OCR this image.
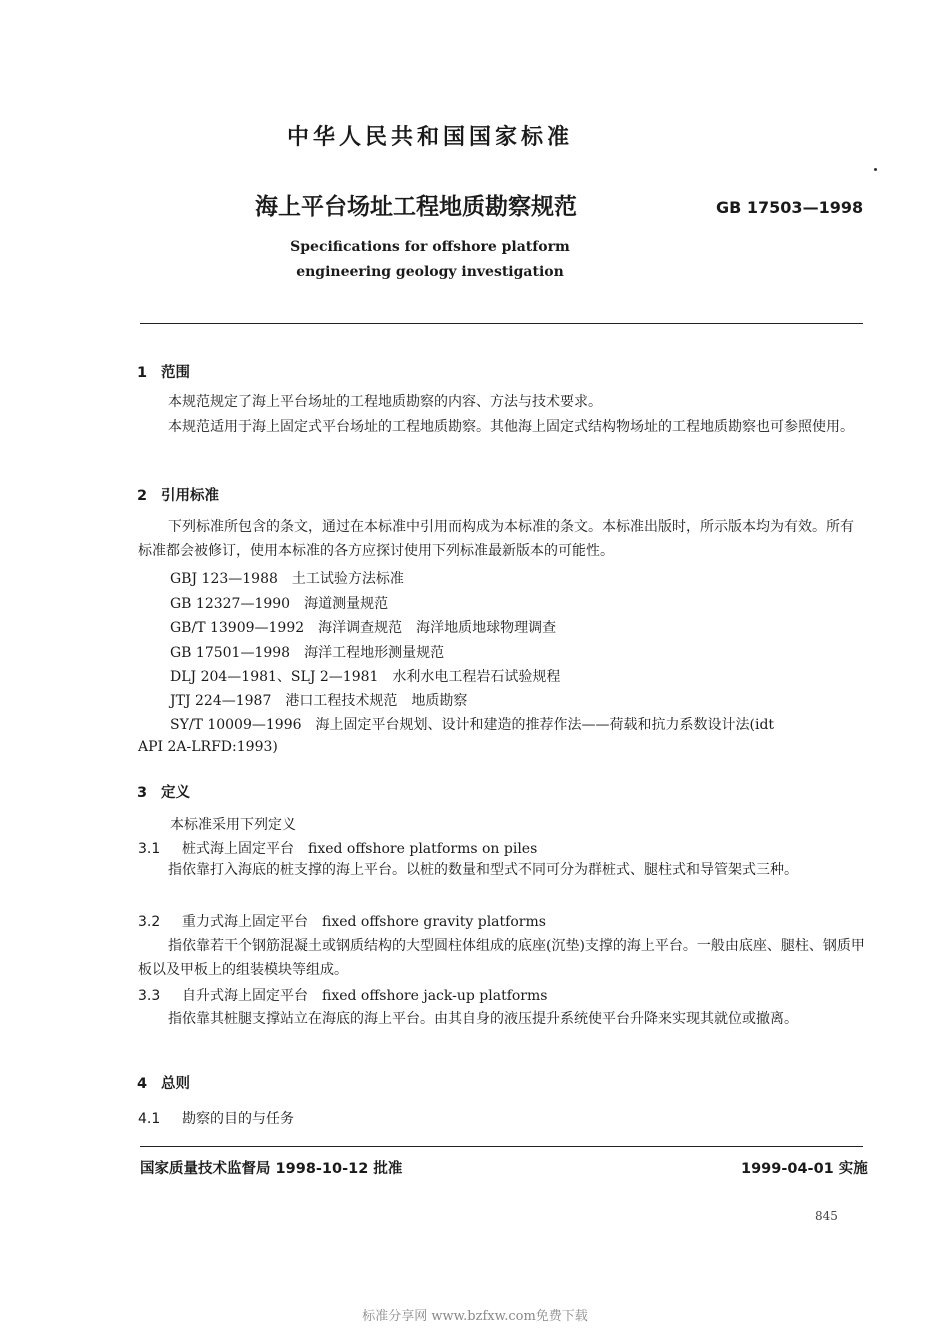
中华人民共和国国家标准
海上平台场址工程地质勘察规范	GB 17503—1998
Specifications for offshore platform
engineering geology investigation
1 范围
本规范规定了海上平台场址的工程地质勘察的内容、方法与技术要求。
本规范适用于海上固定式平台场址的工程地质勘察。其他海上固定式结构物场址的工程地质勘察也可参照使用。
2 引用标准
下列标准所包含的条文，通过在本标准中引用而构成为本标准的条文。本标准出版时，所示版本均为有效。所有标准都会被修订，使用本标准的各方应探讨使用下列标准最新版本的可能性。
GBJ 123—1988 土工试验方法标准
GB 12327—1990 海道测量规范
GB/T 13909—1992 海洋调查规范　海洋地质地球物理调查
GB 17501—1998 海洋工程地形测量规范
DLJ 204—1981、SLJ 2—1981 水利水电工程岩石试验规程
JTJ 224—1987 港口工程技术规范　地质勘察
SY/T 10009—1996　海上固定平台规划、设计和建造的推荐作法——荷载和抗力系数设计法(idt
API 2A-LRFD:1993)
3 定义
本标准采用下列定义
3.1 桩式海上固定平台 fixed offshore platforms on piles
指依靠打入海底的桩支撑的海上平台。以桩的数量和型式不同可分为群桩式、腿柱式和导管架式三种。
3.2 重力式海上固定平台 fixed offshore gravity platforms
指依靠若干个钢筋混凝土或钢质结构的大型圆柱体组成的底座(沉垫)支撑的海上平台。一般由底座、腿柱、钢质甲板以及甲板上的组装模块等组成。
3.3 自升式海上固定平台 fixed offshore jack-up platforms
指依靠其桩腿支撑站立在海底的海上平台。由其自身的液压提升系统使平台升降来实现其就位或撤离。
4 总则
4.1 勘察的目的与任务
国家质量技术监督局 1998-10-12 批准	1999-04-01 实施
845
标准分享网 www.bzfxw.com免费下载
